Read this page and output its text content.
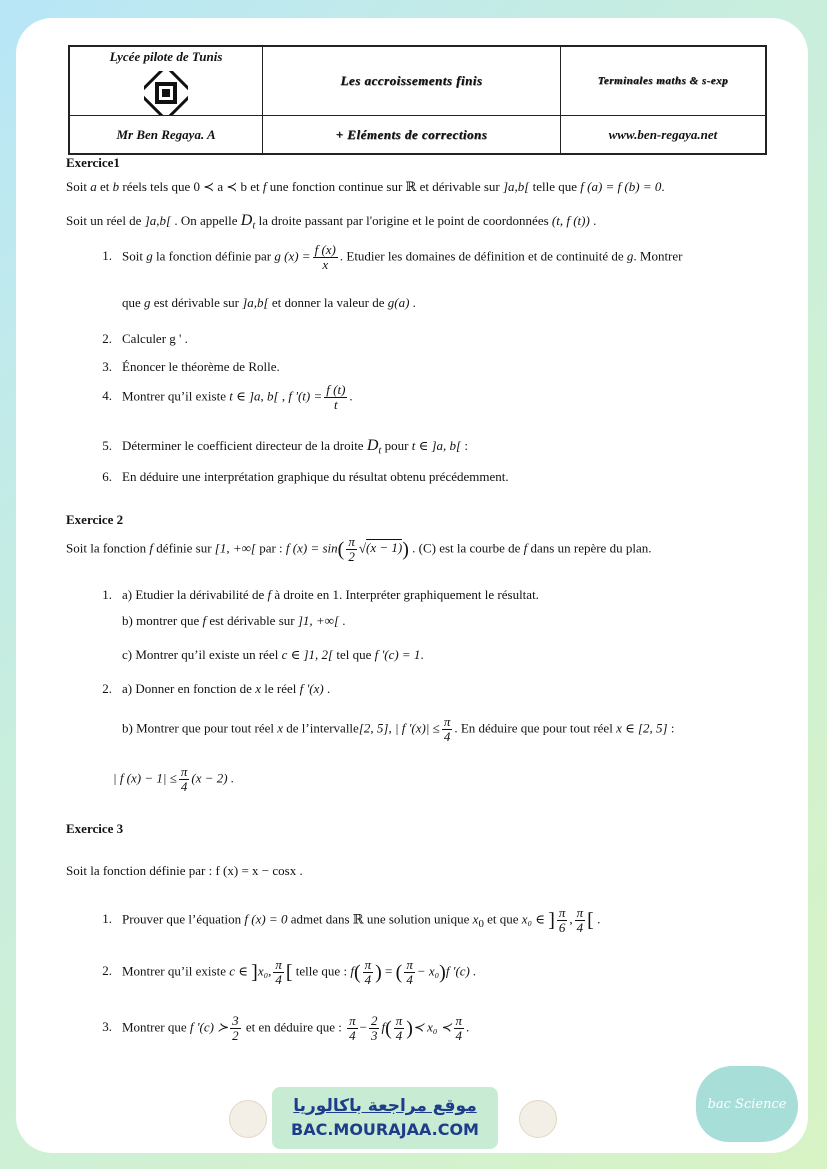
Lycée pilote de Tunis	Les accroissements finis	Terminales maths & s-exp
Mr Ben Regaya. A	+ Eléments de corrections	www.ben-regaya.net
Exercice1
Soit a et b réels tels que 0 ≺ a ≺ b et f une fonction continue sur ℝ et dérivable sur ]a,b[ telle que f (a) = f (b) = 0.
Soit un réel de ]a,b[ . On appelle $D_t$ la droite passant par l'origine et le point de coordonnées (t, f (t)) .
1. Soit g la fonction définie par g $(x) = \frac{f (x)}{x}$ . Etudier les domaines de définition et de continuité de g. Montrer
que g est dérivable sur ]a,b[ et donner la valeur de g(a) .
2. Calculer g ' .
3. Énoncer le théorème de Rolle.
4. Montrer qu’il existe t ∈ ]a, b[ , f '$(t) = \frac{f (t)}{t}$ .
5. Déterminer le coefficient directeur de la droite $D_t$ pour t ∈ ]a, b[ :
6. En déduire une interprétation graphique du résultat obtenu précédemment.
Exercice 2
Soit la fonction f définie sur [1, +∞[ par : f $(x) = \sin( \frac{\pi}{2} √(x - 1))$ . (C) est la courbe de f dans un repère du plan.
1. a) Etudier la dérivabilité de f à droite en 1. Interpréter graphiquement le résultat.
b) montrer que f est dérivable sur ]1, +∞[ .
c) Montrer qu’il existe un réel c ∈ ]1, 2[ tel que f '(c) = 1.
2. a) Donner en fonction de x le réel f '(x) .
b) Montrer que pour tout réel x de l’intervalle[2, 5], | f '$(x)| \le \frac{\pi}{4}$ . En déduire que pour tout réel x ∈ [2, 5] :
| f $(x) - 1| \le \frac{\pi}{4} (x - 2)$ .
Exercice 3
Soit la fonction définie par : f (x) = x − cosx .
1. Prouver que l’équation f (x) = 0 admet dans ℝ une solution unique $x_0$ et que x₀ ∈ ] $\frac{\pi}{6}$ , $\frac{\pi}{4}$ [ .
2. Montrer qu’il existe c ∈ ]x₀, $\frac{\pi}{4}$ [ telle que : $f( \frac{\pi}{4}$ ) = ( $\frac{\pi}{4} - x_0)f$ '(c) .
3. Montrer que f '(c) ≻ $\frac{3}{2}$ et en déduire que : $\frac{\pi}{4} - \frac{2}{3} f( \frac{\pi}{4}$ )≺ x₀ ≺ $\frac{\pi}{4}$ .
موقع مراجعة باكالوريا
BAC.MOURAJAA.COM
bac Science
